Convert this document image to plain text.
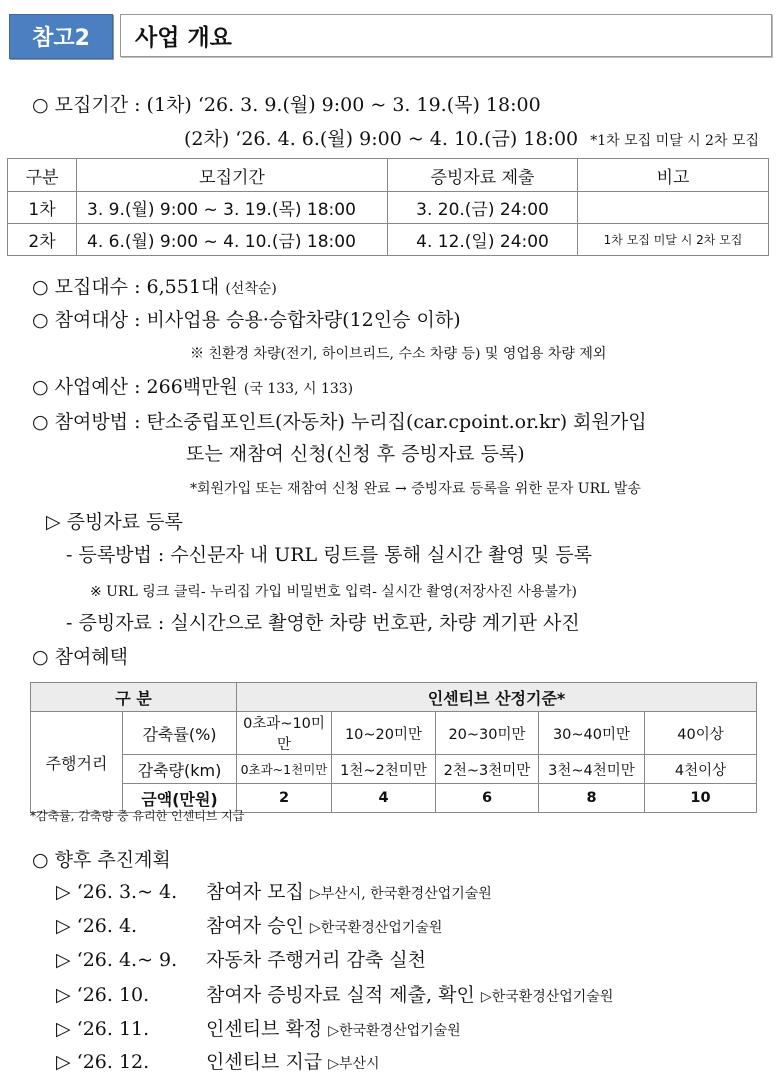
참고2	사업 개요
○ 모집기간 : (1차) ‘26. 3. 9.(월) 9:00 ~ 3. 19.(목) 18:00
(2차) ‘26. 4. 6.(월) 9:00 ~ 4. 10.(금) 18:00 *1차 모집 미달 시 2차 모집
구분	모집기간	증빙자료 제출	비고
1차	3. 9.(월) 9:00 ~ 3. 19.(목) 18:00	3. 20.(금) 24:00	
2차	4. 6.(월) 9:00 ~ 4. 10.(금) 18:00	4. 12.(일) 24:00	1차 모집 미달 시 2차 모집
○ 모집대수 : 6,551대 (선착순)
○ 참여대상 : 비사업용 승용·승합차량(12인승 이하)
※ 친환경 차량(전기, 하이브리드, 수소 차량 등) 및 영업용 차량 제외
○ 사업예산 : 266백만원 (국 133, 시 133)
○ 참여방법 : 탄소중립포인트(자동차) 누리집(car.cpoint.or.kr) 회원가입
또는 재참여 신청(신청 후 증빙자료 등록)
*회원가입 또는 재참여 신청 완료 → 증빙자료 등록을 위한 문자 URL 발송
▷ 증빙자료 등록
- 등록방법 : 수신문자 내 URL 링트를 통해 실시간 촬영 및 등록
※ URL 링크 클릭- 누리집 가입 비밀번호 입력- 실시간 촬영(저장사진 사용불가)
- 증빙자료 : 실시간으로 촬영한 차량 번호판, 차량 계기판 사진
○ 참여혜택
구 분		인센티브 산정기준*				
주행거리	감축률(%)	0초과~10미만	10~20미만	20~30미만	30~40미만	40이상
	감축량(km)	0초과~1천미만	1천~2천미만	2천~3천미만	3천~4천미만	4천이상
	금액(만원)	2	4	6	8	10
*감축률, 감축량 중 유리한 인센티브 지급
○ 향후 추진계획
▷ ‘26. 3.~ 4. 참여자 모집 ▷부산시, 한국환경산업기술원
▷ ‘26. 4.	참여자 승인 ▷한국환경산업기술원
▷ ‘26. 4.~ 9. 자동차 주행거리 감축 실천
▷ ‘26. 10.	참여자 증빙자료 실적 제출, 확인 ▷한국환경산업기술원
▷ ‘26. 11.	인센티브 확정 ▷한국환경산업기술원
▷ ‘26. 12.	인센티브 지급 ▷부산시
